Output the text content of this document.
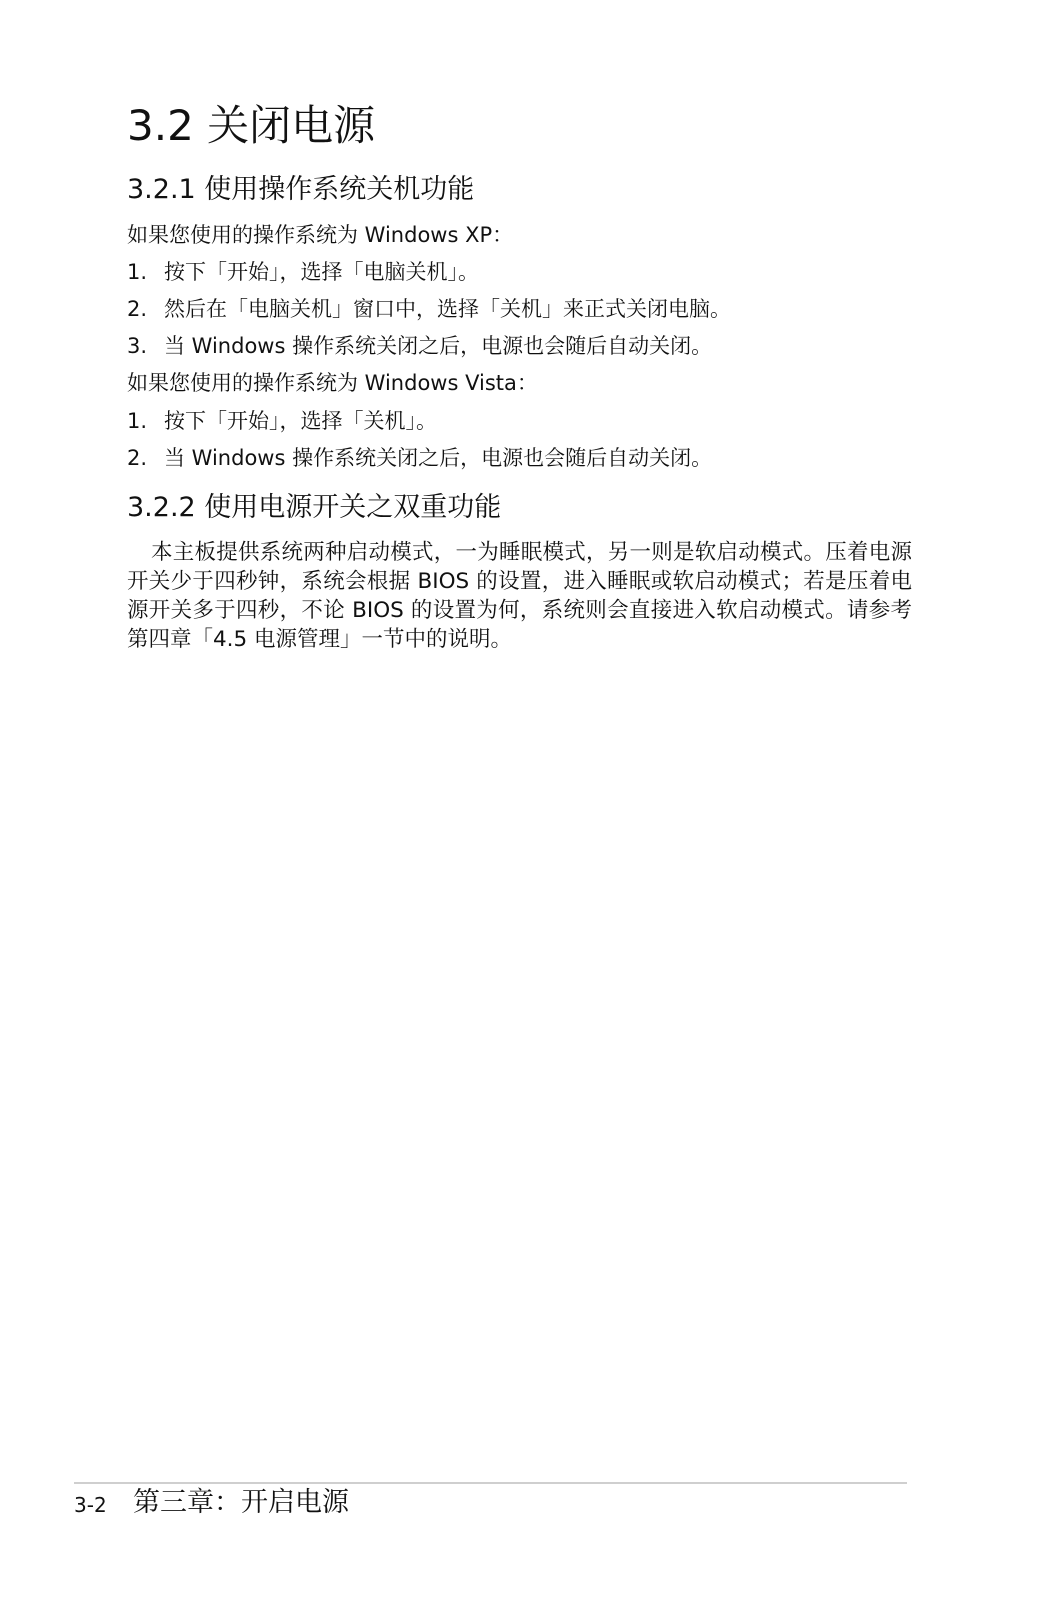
3.2 关闭电源
3.2.1 使用操作系统关机功能

如果您使用的操作系统为 Windows XP：

1. 按下「开始」，选择「电脑关机」。
2. 然后在「电脑关机」窗口中，选择「关机」来正式关闭电脑。
3. 当 Windows 操作系统关闭之后，电源也会随后自动关闭。

如果您使用的操作系统为 Windows Vista：

1. 按下「开始」，选择「关机」。
2. 当 Windows 操作系统关闭之后，电源也会随后自动关闭。
3.2.2 使用电源开关之双重功能

本主板提供系统两种启动模式，一为睡眠模式，另一则是软启动模式。压着电源开关少于四秒钟，系统会根据 BIOS 的设置，进入睡眠或软启动模式；若是压着电源开关多于四秒，不论 BIOS 的设置为何，系统则会直接进入软启动模式。请参考第四章「4.5 电源管理」一节中的说明。

3-2 第三章：开启电源
